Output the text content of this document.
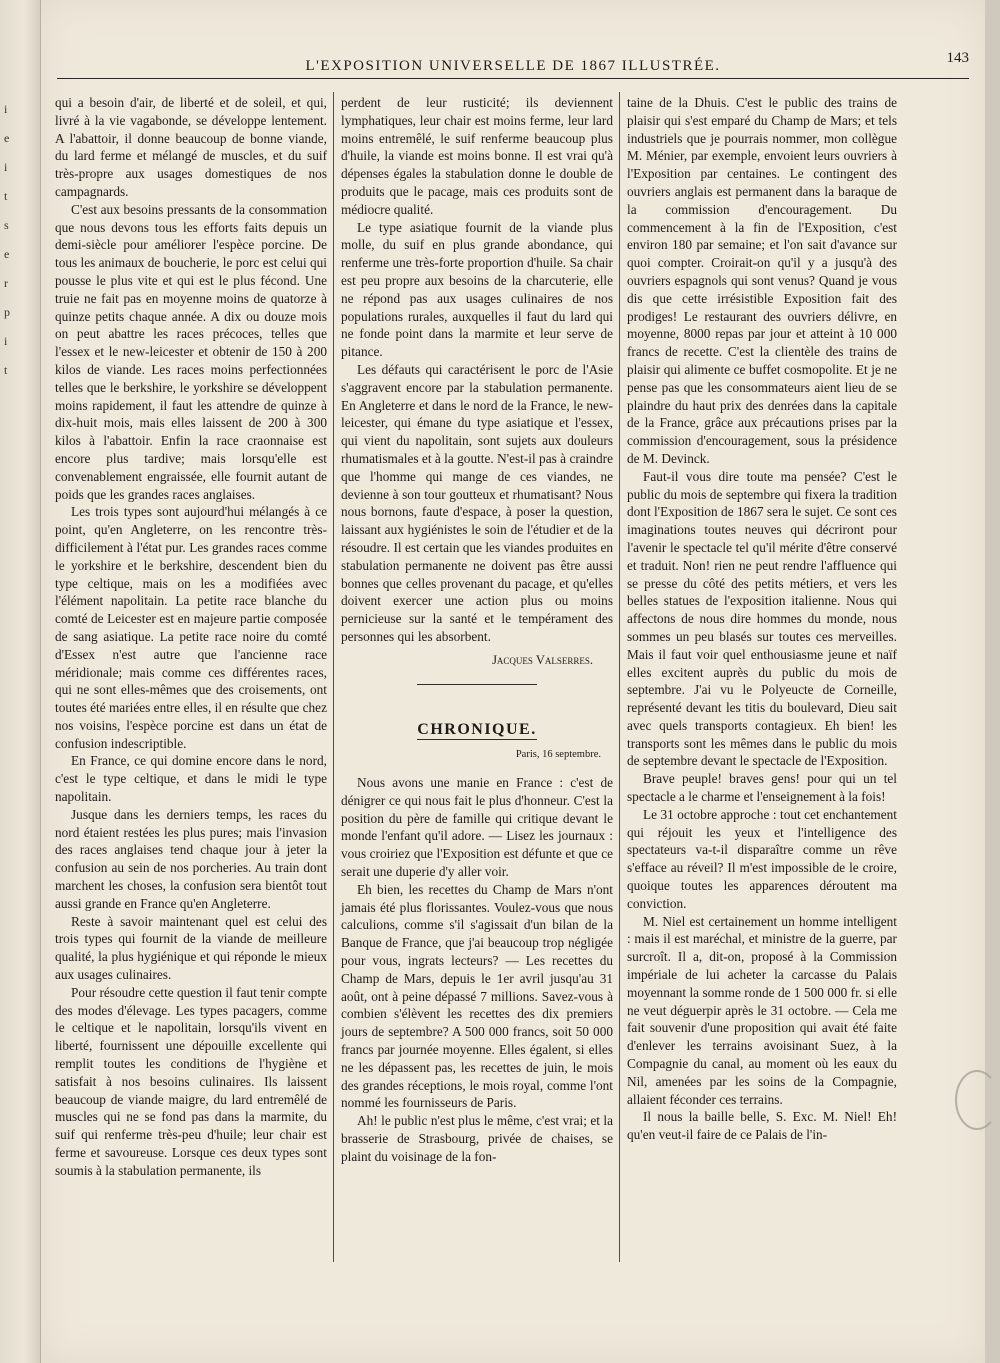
i
e
i
t
s
e
r
p
i
t
L'EXPOSITION UNIVERSELLE DE 1867 ILLUSTRÉE.	143

qui a besoin d'air, de liberté et de soleil, et qui, livré à la vie vagabonde, se développe lentement. A l'abattoir, il donne beaucoup de bonne viande, du lard ferme et mélangé de muscles, et du suif très-propre aux usages domestiques de nos campagnards.

C'est aux besoins pressants de la consommation que nous devons tous les efforts faits depuis un demi-siècle pour améliorer l'espèce porcine. De tous les animaux de boucherie, le porc est celui qui pousse le plus vite et qui est le plus fécond. Une truie ne fait pas en moyenne moins de quatorze à quinze petits chaque année. A dix ou douze mois on peut abattre les races précoces, telles que l'essex et le new-leicester et obtenir de 150 à 200 kilos de viande. Les races moins perfectionnées telles que le berkshire, le yorkshire se développent moins rapidement, il faut les attendre de quinze à dix-huit mois, mais elles laissent de 200 à 300 kilos à l'abattoir. Enfin la race craonnaise est encore plus tardive; mais lorsqu'elle est convenablement engraissée, elle fournit autant de poids que les grandes races anglaises.

Les trois types sont aujourd'hui mélangés à ce point, qu'en Angleterre, on les rencontre très-difficilement à l'état pur. Les grandes races comme le yorkshire et le berkshire, descendent bien du type celtique, mais on les a modifiées avec l'élément napolitain. La petite race blanche du comté de Leicester est en majeure partie composée de sang asiatique. La petite race noire du comté d'Essex n'est autre que l'ancienne race méridionale; mais comme ces différentes races, qui ne sont elles-mêmes que des croisements, ont toutes été mariées entre elles, il en résulte que chez nos voisins, l'espèce porcine est dans un état de confusion indescriptible.

En France, ce qui domine encore dans le nord, c'est le type celtique, et dans le midi le type napolitain.

Jusque dans les derniers temps, les races du nord étaient restées les plus pures; mais l'invasion des races anglaises tend chaque jour à jeter la confusion au sein de nos porcheries. Au train dont marchent les choses, la confusion sera bientôt tout aussi grande en France qu'en Angleterre.

Reste à savoir maintenant quel est celui des trois types qui fournit de la viande de meilleure qualité, la plus hygiénique et qui réponde le mieux aux usages culinaires.

Pour résoudre cette question il faut tenir compte des modes d'élevage. Les types pacagers, comme le celtique et le napolitain, lorsqu'ils vivent en liberté, fournissent une dépouille excellente qui remplit toutes les conditions de l'hygiène et satisfait à nos besoins culinaires. Ils laissent beaucoup de viande maigre, du lard entremêlé de muscles qui ne se fond pas dans la marmite, du suif qui renferme très-peu d'huile; leur chair est ferme et savoureuse. Lorsque ces deux types sont soumis à la stabulation permanente, ils

perdent de leur rusticité; ils deviennent lymphatiques, leur chair est moins ferme, leur lard moins entremêlé, le suif renferme beaucoup plus d'huile, la viande est moins bonne. Il est vrai qu'à dépenses égales la stabulation donne le double de produits que le pacage, mais ces produits sont de médiocre qualité.

Le type asiatique fournit de la viande plus molle, du suif en plus grande abondance, qui renferme une très-forte proportion d'huile. Sa chair est peu propre aux besoins de la charcuterie, elle ne répond pas aux usages culinaires de nos populations rurales, auxquelles il faut du lard qui ne fonde point dans la marmite et leur serve de pitance.

Les défauts qui caractérisent le porc de l'Asie s'aggravent encore par la stabulation permanente. En Angleterre et dans le nord de la France, le new-leicester, qui émane du type asiatique et l'essex, qui vient du napolitain, sont sujets aux douleurs rhumatismales et à la goutte. N'est-il pas à craindre que l'homme qui mange de ces viandes, ne devienne à son tour goutteux et rhumatisant? Nous nous bornons, faute d'espace, à poser la question, laissant aux hygiénistes le soin de l'étudier et de la résoudre. Il est certain que les viandes produites en stabulation permanente ne doivent pas être aussi bonnes que celles provenant du pacage, et qu'elles doivent exercer une action plus ou moins pernicieuse sur la santé et le tempérament des personnes qui les absorbent.

Jacques Valserres.

CHRONIQUE.
Paris, 16 septembre.

Nous avons une manie en France : c'est de dénigrer ce qui nous fait le plus d'honneur. C'est la position du père de famille qui critique devant le monde l'enfant qu'il adore. — Lisez les journaux : vous croiriez que l'Exposition est défunte et que ce serait une duperie d'y aller voir.

Eh bien, les recettes du Champ de Mars n'ont jamais été plus florissantes. Voulez-vous que nous calculions, comme s'il s'agissait d'un bilan de la Banque de France, que j'ai beaucoup trop négligée pour vous, ingrats lecteurs? — Les recettes du Champ de Mars, depuis le 1er avril jusqu'au 31 août, ont à peine dépassé 7 millions. Savez-vous à combien s'élèvent les recettes des dix premiers jours de septembre? A 500 000 francs, soit 50 000 francs par journée moyenne. Elles égalent, si elles ne les dépassent pas, les recettes de juin, le mois des grandes réceptions, le mois royal, comme l'ont nommé les fournisseurs de Paris.

Ah! le public n'est plus le même, c'est vrai; et la brasserie de Strasbourg, privée de chaises, se plaint du voisinage de la fon-

taine de la Dhuis. C'est le public des trains de plaisir qui s'est emparé du Champ de Mars; et tels industriels que je pourrais nommer, mon collègue M. Ménier, par exemple, envoient leurs ouvriers à l'Exposition par centaines. Le contingent des ouvriers anglais est permanent dans la baraque de la commission d'encouragement. Du commencement à la fin de l'Exposition, c'est environ 180 par semaine; et l'on sait d'avance sur quoi compter. Croirait-on qu'il y a jusqu'à des ouvriers espagnols qui sont venus? Quand je vous dis que cette irrésistible Exposition fait des prodiges! Le restaurant des ouvriers délivre, en moyenne, 8000 repas par jour et atteint à 10 000 francs de recette. C'est la clientèle des trains de plaisir qui alimente ce buffet cosmopolite. Et je ne pense pas que les consommateurs aient lieu de se plaindre du haut prix des denrées dans la capitale de la France, grâce aux précautions prises par la commission d'encouragement, sous la présidence de M. Devinck.

Faut-il vous dire toute ma pensée? C'est le public du mois de septembre qui fixera la tradition dont l'Exposition de 1867 sera le sujet. Ce sont ces imaginations toutes neuves qui décriront pour l'avenir le spectacle tel qu'il mérite d'être conservé et traduit. Non! rien ne peut rendre l'affluence qui se presse du côté des petits métiers, et vers les belles statues de l'exposition italienne. Nous qui affectons de nous dire hommes du monde, nous sommes un peu blasés sur toutes ces merveilles. Mais il faut voir quel enthousiasme jeune et naïf elles excitent auprès du public du mois de septembre. J'ai vu le Polyeucte de Corneille, représenté devant les titis du boulevard, Dieu sait avec quels transports contagieux. Eh bien! les transports sont les mêmes dans le public du mois de septembre devant le spectacle de l'Exposition.

Brave peuple! braves gens! pour qui un tel spectacle a le charme et l'enseignement à la fois!

Le 31 octobre approche : tout cet enchantement qui réjouit les yeux et l'intelligence des spectateurs va-t-il disparaître comme un rêve s'efface au réveil? Il m'est impossible de le croire, quoique toutes les apparences déroutent ma conviction.

M. Niel est certainement un homme intelligent : mais il est maréchal, et ministre de la guerre, par surcroît. Il a, dit-on, proposé à la Commission impériale de lui acheter la carcasse du Palais moyennant la somme ronde de 1 500 000 fr. si elle ne veut déguerpir après le 31 octobre. — Cela me fait souvenir d'une proposition qui avait été faite d'enlever les terrains avoisinant Suez, à la Compagnie du canal, au moment où les eaux du Nil, amenées par les soins de la Compagnie, allaient féconder ces terrains.

Il nous la baille belle, S. Exc. M. Niel! Eh! qu'en veut-il faire de ce Palais de l'in-
